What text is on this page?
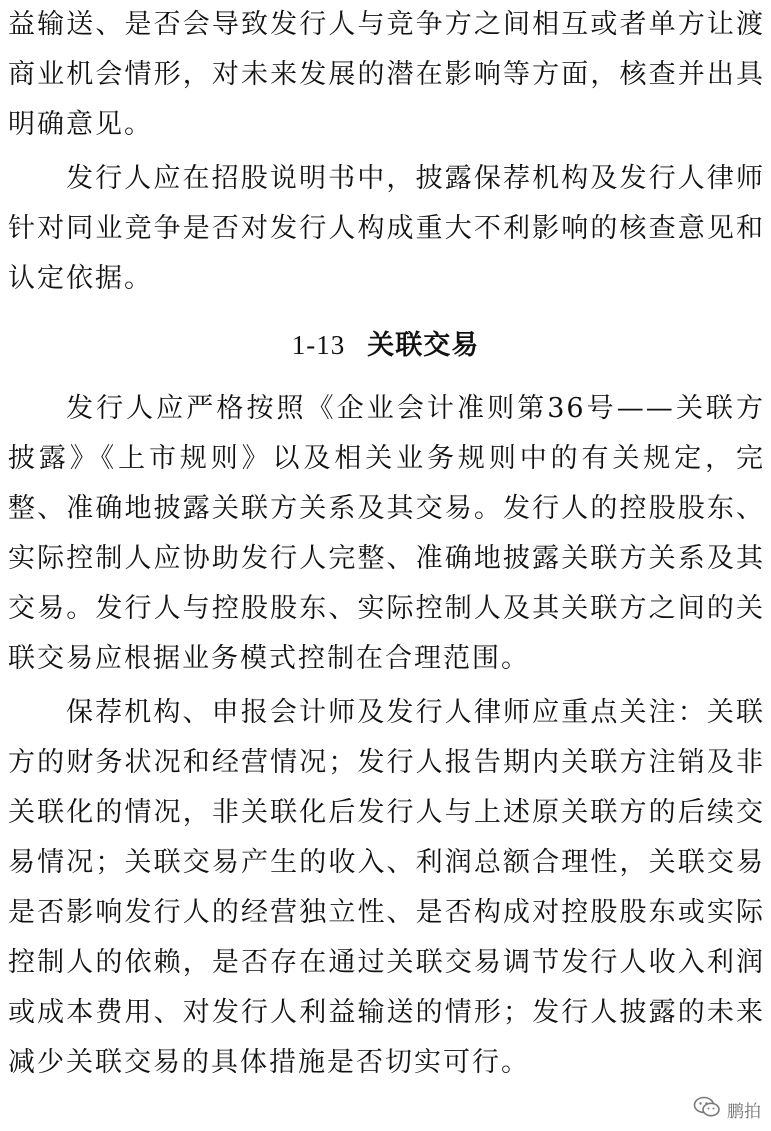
益输送、是否会导致发行人与竞争方之间相互或者单方让渡商业机会情形，对未来发展的潜在影响等方面，核查并出具明确意见。

发行人应在招股说明书中，披露保荐机构及发行人律师针对同业竞争是否对发行人构成重大不利影响的核查意见和认定依据。

1-13 关联交易

发行人应严格按照《企业会计准则第36号——关联方披露》《上市规则》以及相关业务规则中的有关规定，完整、准确地披露关联方关系及其交易。发行人的控股股东、实际控制人应协助发行人完整、准确地披露关联方关系及其交易。发行人与控股股东、实际控制人及其关联方之间的关联交易应根据业务模式控制在合理范围。

保荐机构、申报会计师及发行人律师应重点关注：关联方的财务状况和经营情况；发行人报告期内关联方注销及非关联化的情况，非关联化后发行人与上述原关联方的后续交易情况；关联交易产生的收入、利润总额合理性，关联交易是否影响发行人的经营独立性、是否构成对控股股东或实际控制人的依赖，是否存在通过关联交易调节发行人收入利润或成本费用、对发行人利益输送的情形；发行人披露的未来减少关联交易的具体措施是否切实可行。

鹏拍
